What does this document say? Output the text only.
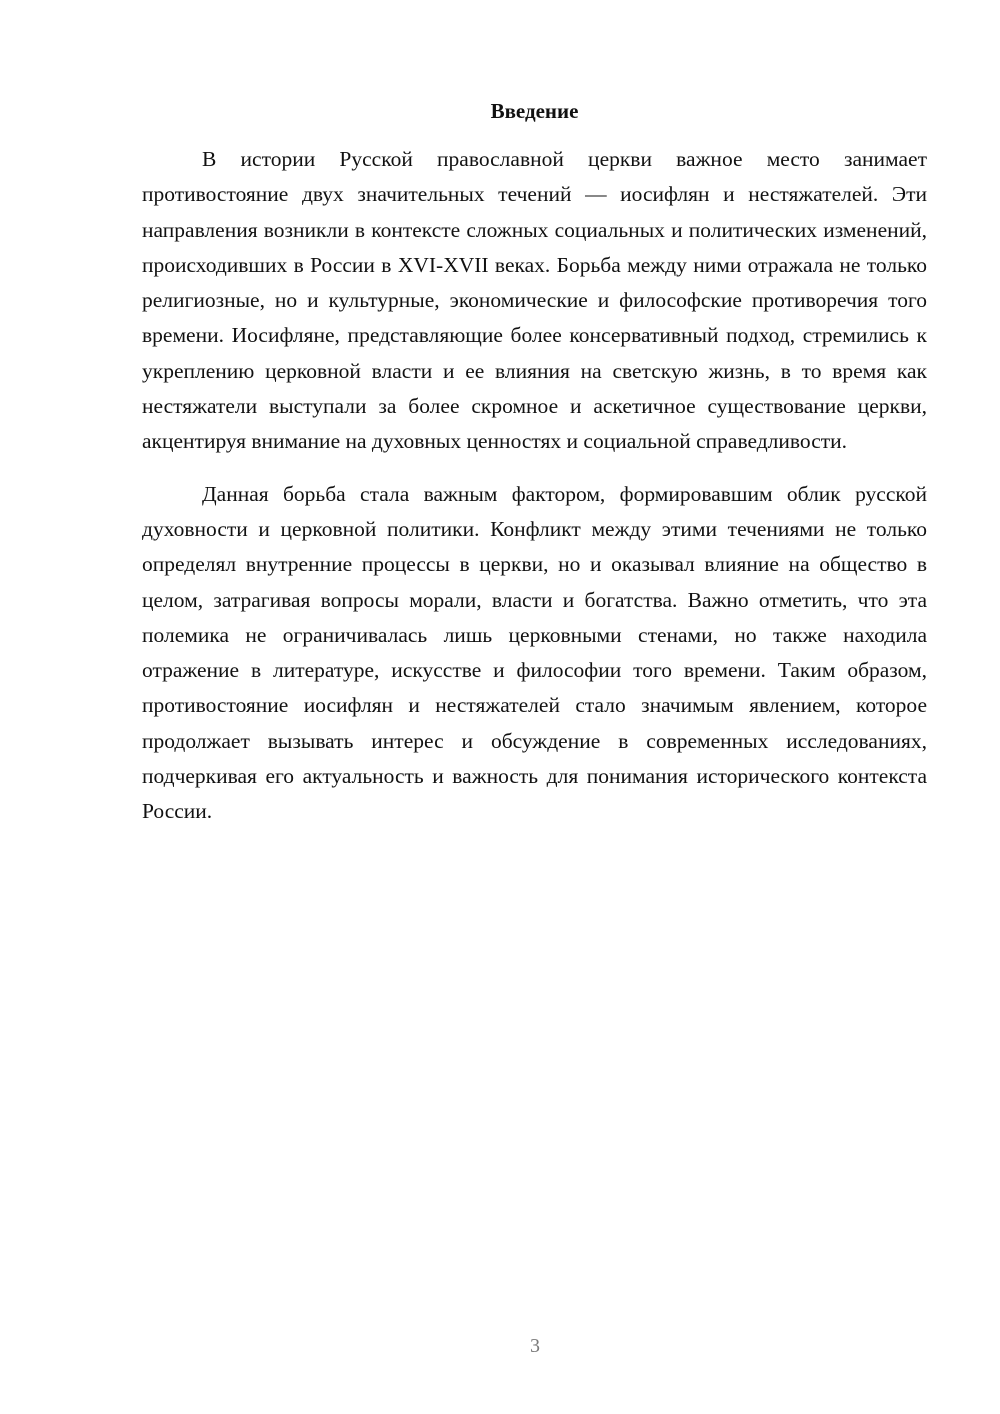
Введение

В истории Русской православной церкви важное место занимает противостояние двух значительных течений — иосифлян и нестяжателей. Эти направления возникли в контексте сложных социальных и политических изменений, происходивших в России в XVI-XVII веках. Борьба между ними отражала не только религиозные, но и культурные, экономические и философские противоречия того времени. Иосифляне, представляющие более консервативный подход, стремились к укреплению церковной власти и ее влияния на светскую жизнь, в то время как нестяжатели выступали за более скромное и аскетичное существование церкви, акцентируя внимание на духовных ценностях и социальной справедливости.

Данная борьба стала важным фактором, формировавшим облик русской духовности и церковной политики. Конфликт между этими течениями не только определял внутренние процессы в церкви, но и оказывал влияние на общество в целом, затрагивая вопросы морали, власти и богатства. Важно отметить, что эта полемика не ограничивалась лишь церковными стенами, но также находила отражение в литературе, искусстве и философии того времени. Таким образом, противостояние иосифлян и нестяжателей стало значимым явлением, которое продолжает вызывать интерес и обсуждение в современных исследованиях, подчеркивая его актуальность и важность для понимания исторического контекста России.

3
